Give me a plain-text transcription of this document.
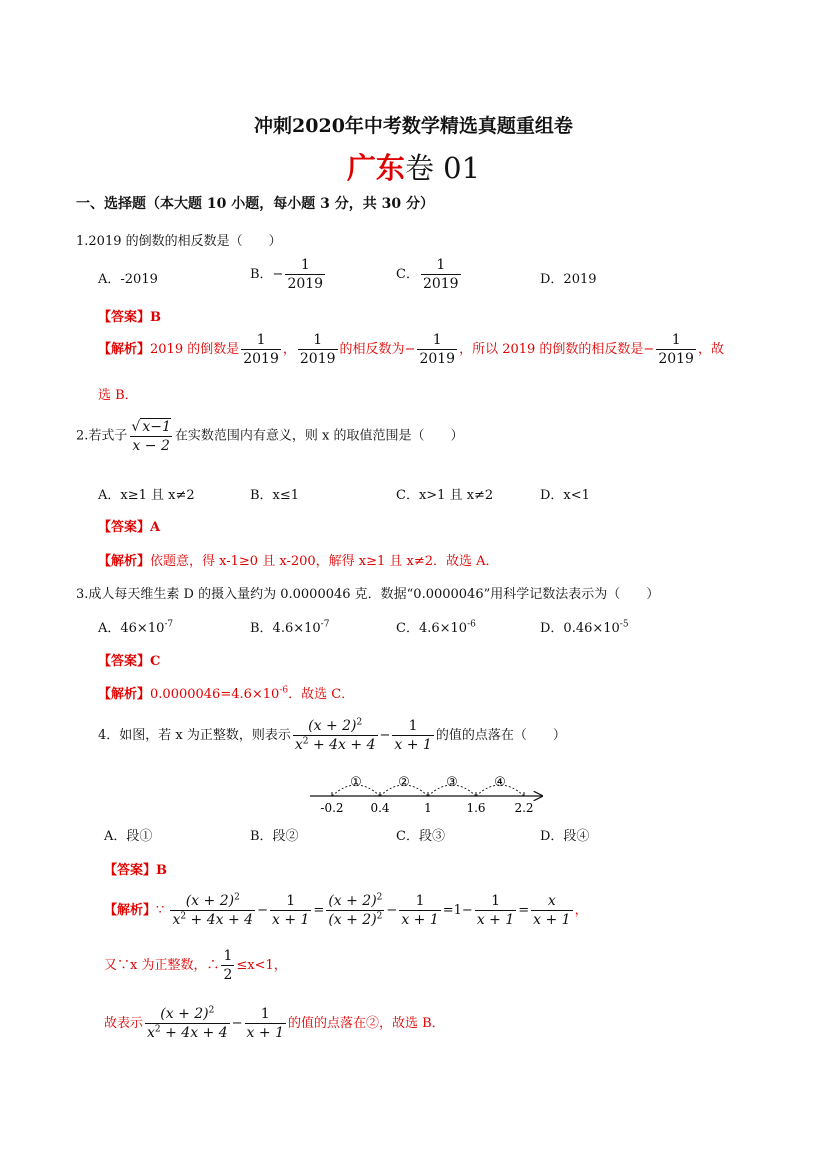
冲刺2020年中考数学精选真题重组卷
广东卷 01
一、选择题（本大题 10 小题，每小题 3 分，共 30 分）
1.2019 的倒数的相反数是（　　）
A．-2019	B．− $\frac{1}{2019}$	C． $\frac{1}{2019}$	D．2019
【答案】B
【解析】2019 的倒数是 $\frac{1}{2019}$ ， $\frac{1}{2019}$ 的相反数为− $\frac{1}{2019}$ ，所以 2019 的倒数的相反数是− $\frac{1}{2019}$ ，故
选 B．
2.若式子 $\frac{√ x-1}{x - 2}$ 在实数范围内有意义，则 x 的取值范围是（　　）
A．x≥1 且 x≠2	B．x≤1	C．x>1 且 x≠2	D．x<1
【答案】A
【解析】依题意，得 x-1≥0 且 x-200，解得 x≥1 且 x≠2．故选 A．
3.成人每天维生素 D 的摄入量约为 0.0000046 克．数据“0.0000046”用科学记数法表示为（　　）
A．$46\times 10^{-7}$	B．$4.6\times 10^{-7}$	C．$4.6\times 10^{-6}$	D．$0.46\times 10^{-5}$
【答案】C
【解析】$0.0000046=4.6\times 10^{-6}$．故选 C．
4．如图，若 x 为正整数，则表示 $\frac{(x + 2)^2}{x^2 + 4x + 4} - \frac{1}{x + 1}$ 的值的点落在（　　）
①	②	③	④
-0.2 0.4	1	1.6 2.2
A．段①	B．段②	C．段③	D．段④
【答案】B
【解析】∵ $\frac{(x + 2)^2}{x^2 + 4x + 4} - \frac{1}{x + 1} = \frac{(x + 2)^2}{(x + 2)^2} - \frac{1}{x + 1} =1- \frac{1}{x + 1} = \frac{x}{x + 1}$ ，
又∵x 为正整数，∴ $\frac{1}{2} \le x<1$，
故表示 $\frac{(x + 2)^2}{x^2 + 4x + 4} - \frac{1}{x + 1}$ 的值的点落在②，故选 B．
